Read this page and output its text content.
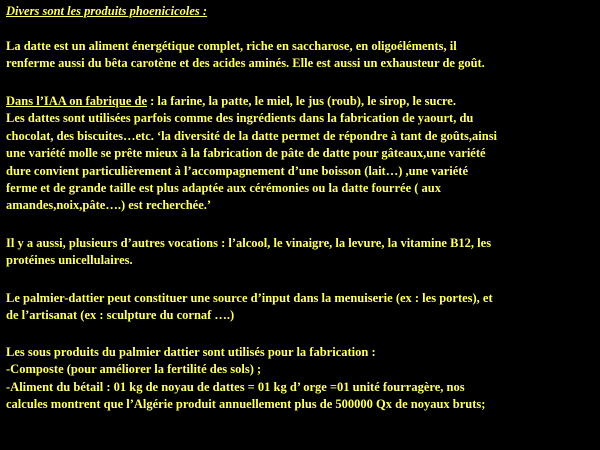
Divers sont les produits phoenicicoles :
La datte est un aliment énergétique complet, riche en saccharose, en oligoéléments, il
renferme aussi du bêta carotène et des acides aminés. Elle est aussi un exhausteur de goût.
Dans l’IAA on fabrique de : la farine, la patte, le miel, le jus (roub), le sirop, le sucre.
Les dattes sont utilisées parfois comme des ingrédients dans la fabrication de yaourt, du
chocolat, des biscuites…etc. ‘la diversité de la datte permet de répondre à tant de goûts,ainsi
une variété molle se prête mieux à la fabrication de pâte de datte pour gâteaux,une variété
dure convient particulièrement à l’accompagnement d’une boisson (lait…) ,une variété
ferme et de grande taille est plus adaptée aux cérémonies ou la datte fourrée ( aux
amandes,noix,pâte….) est recherchée.’
Il y a aussi, plusieurs d’autres vocations : l’alcool, le vinaigre, la levure, la vitamine B12, les
protéines unicellulaires.
Le palmier-dattier peut constituer une source d’input dans la menuiserie (ex : les portes), et
de l’artisanat (ex : sculpture du cornaf ….)
Les sous produits du palmier dattier sont utilisés pour la fabrication :
-Composte (pour améliorer la fertilité des sols) ;
-Aliment du bétail : 01 kg de noyau de dattes = 01 kg d’ orge =01 unité fourragère, nos
calcules montrent que l’Algérie produit annuellement plus de 500000 Qx de noyaux bruts;
